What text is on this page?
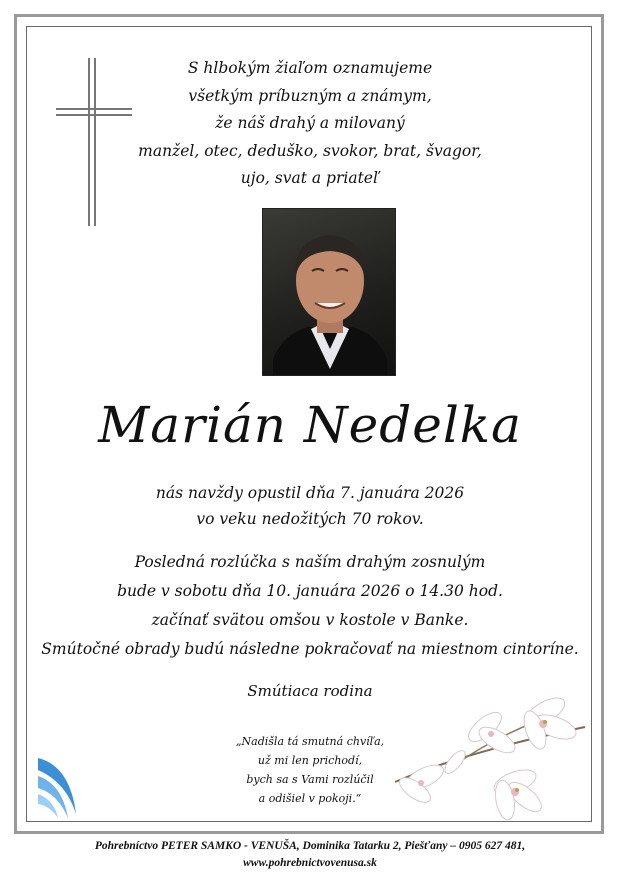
S hlbokým žiaľom oznamujeme
všetkým príbuzným a známym,
že náš drahý a milovaný
manžel, otec, deduško, svokor, brat, švagor,
ujo, svat a priateľ
Marián Nedelka
nás navždy opustil dňa 7. januára 2026
vo veku nedožitých 70 rokov.
Posledná rozlúčka s naším drahým zosnulým
bude v sobotu dňa 10. januára 2026 o 14.30 hod.
začínať svätou omšou v kostole v Banke.
Smútočné obrady budú následne pokračovať na miestnom cintoríne.
Smútiaca rodina
„Nadišla tá smutná chvíľa,
už mi len prichodí,
bych sa s Vami rozlúčil
a odišiel v pokoji.“
Pohrebníctvo PETER SAMKO - VENUŠA, Dominika Tatarku 2, Piešťany – 0905 627 481,
www.pohrebnictvovenusa.sk
